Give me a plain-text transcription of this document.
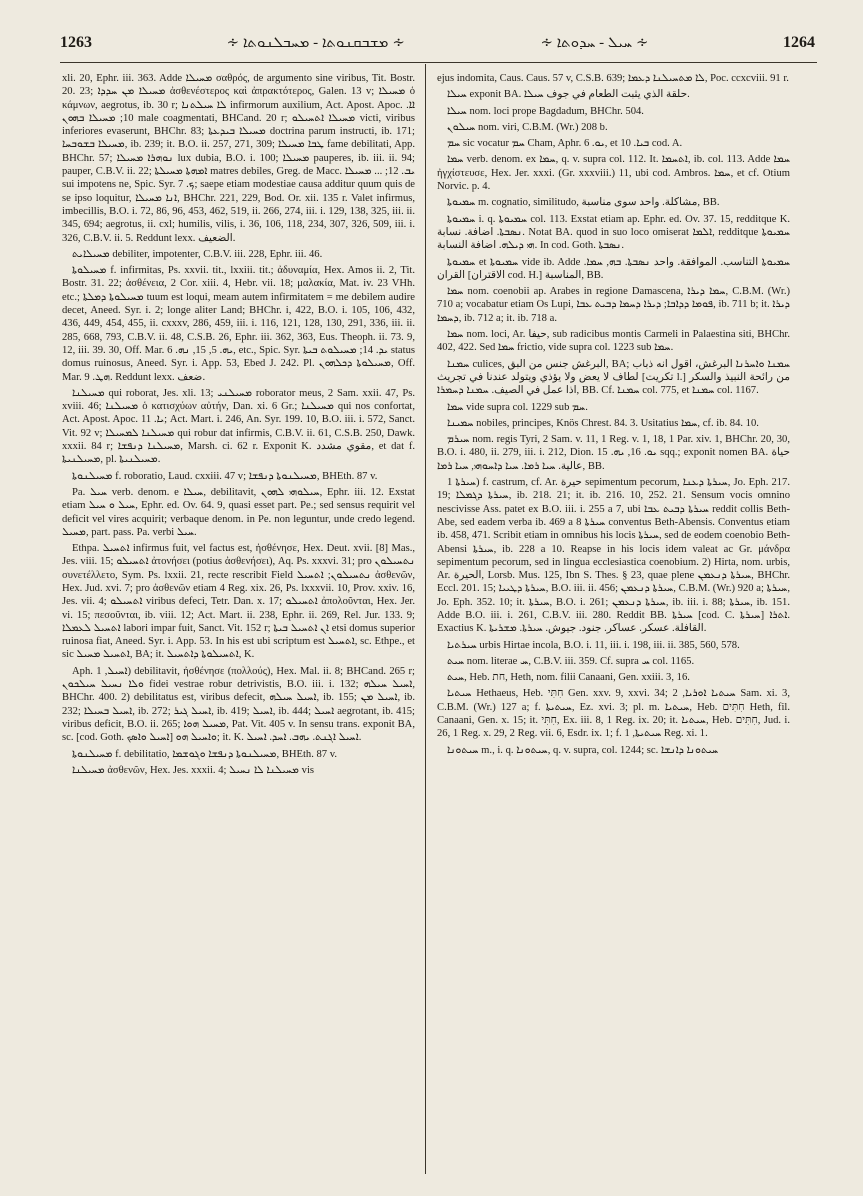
1263	∻ ܡܫܒܩܢܘܬܐ - ܡܚܒܠܢܘܬܐ ∻	∻ ܚܝܠ - ܚܕܘܬܐ ∻	1264

xli. 20, Ephr. iii. 363. Adde ܡܚܝܠܐ σαθρός, de argumento sine viribus, Tit. Bostr. 20. 23; ܡܚܝܠܐ ܡܢ ܚܕܕܐ ἀσθενέστερος καὶ ἀπρακτότερος, Galen. 13 v; ܡܚܝܠܐ ὁ κάμνων, aegrotus, ib. 30 r; ܠܐ ܚܝܠܬܢܐ infirmorum auxilium, Act. Apost. Apoc. ܐܐ. 10; ܡܚܝܠܐ ܒܗܘܢ male coagmentati, BHCand. 20 r; ܡܚܝܠܐ ܐܬܚܝܠܘ victi, viribus inferiores evaserunt, BHChr. 83; ܡܚܝܠܐ ܒܝܕܥܬܐ doctrina parum instructi, ib. 171; ܡܚܝܠܐ ܒܫܘܒܚܐ, ib. 239; it. B.O. ii. 257, 271, 309; ܛܒܐ ܡܚܝܠܐ fame debilitati, App. BHChr. 57; ܢܘܗܪܐ ܡܚܝܠܐ lux dubia, B.O. i. 100; ܡܚܝܠܐ pauperes, ib. iii. ii. 94; pauper, C.B.V. ii. 22; ܐܡܗܬܐ ܡܚܝܠܬܐ matres debiles, Greg. de Macc. ܝܒ. 12; ... ܡܚܝܠܐ sui impotens ne, Spic. Syr. ܟ. 7; saepe etiam modestiae causa additur quum quis de se ipso loquitur, ܐܢܐ ܡܚܝܠܐ, BHChr. 221, 229, Bod. Or. xii. 135 r. Valet infirmus, imbecillis, B.O. i. 72, 86, 96, 453, 462, 519, ii. 266, 274, iii. i. 129, 138, 325, iii. ii. 345, 694; aegrotus, ii. cxl; humilis, vilis, i. 36, 106, 118, 234, 307, 326, 509, iii. i. 326, C.B.V. ii. 5. Reddunt lexx. الضعيف.

ܡܚܝܠܐܝܬ debiliter, impotenter, C.B.V. iii. 228, Ephr. iii. 46.

ܡܚܝܠܘܬܐ f. infirmitas, Ps. xxvii. tit., lxxiii. tit.; ἀδυναμία, Hex. Amos ii. 2, Tit. Bostr. 31. 22; ἀσθένεια, 2 Cor. xiii. 4, Hebr. vii. 18; μαλακία, Mat. iv. 23 VHh. etc.; ܡܚܝܠܘܬܐ ܕܡܠܬܐ tuum est loqui, meam autem infirmitatem = me debilem audire decet, Aneed. Syr. i. 2; longe aliter Land; BHChr. i, 422, B.O. i. 105, 106, 432, 436, 449, 454, 455, ii. cxxxv, 286, 459, iii. i. 116, 121, 128, 130, 291, 336, iii. ii. 285, 668, 793, C.B.V. ii. 48, C.S.B. 26, Ephr. iii. 362, 363, Eus. Theoph. ii. 73. 9, 12, iii. 39. 30, Off. Mar. ܝܗ. 5, 15, ܢܗ. 6, etc., Spic. Syr. ܝܕ. 14; ܡܚܝܠܘܬ ܒܝܬܐ status domus ruinosus, Aneed. Syr. i. App. 53, Ebed J. 242. Pl. ܡܚܝܠܘܬܐ ܕܟܠܗܘܢ, Off. Mar. ܗܛ. 9. Reddunt lexx. ضعف.

ܡܚܝܠܢܐ qui roborat, Jes. xli. 13; ܡܚܝܠܢܝ roborator meus, 2 Sam. xxii. 47, Ps. xviii. 46; ܡܚܝܠܢܐ ὁ κατισχύων αὐτήν, Dan. xi. 6 Gr.; ܡܚܝܠܢܐ qui nos confortat, Act. Apost. Apoc. ܝܐ. 11; Act. Mart. i. 246, An. Syr. 199. 10, B.O. iii. i. 572, Sanct. Vit. 92 v; ܡܚܝܠܢܐ ܠܡܚܝܠܐ qui robur dat infirmis, C.B.V. ii. 61, C.S.B. 250, Dawk. xxxii. 84 r; ܡܚܝܠܢܐ ܕܢܦܫܐ, Marsh. ci. 62 r. Exponit K. مقوي مشدد, et dat f. ܡܚܝܠܢܝܬܐ, pl. ܡܚܝܠܢܝܬܐ.

ܡܚܝܠܢܘܬܐ f. roboratio, Laud. cxxiii. 47 v; ܡܚܝܠܢܘܬܐ ܕܢܦܫܐ, BHEth. 87 v.

Pa. ܚܝܠ verb. denom. e ܚܝܠܐ, debilitavit, ܚܝܠܘܗܝ ܠܗܘܢ, Ephr. iii. 12. Exstat etiam ܚܝܠ ܘ ܚܝܠ, Ephr. ed. Ov. 64. 9, quasi esset part. Pe.; sed sensus requirit vel deficit vel vires acquirit; verbaque denom. in Pe. non leguntur, unde credo legend. ܡܚܝܠ, part. pass. Pa. verbi ܚܝܠ.

Ethpa. ܐܬܚܝܠ infirmus fuit, vel factus est, ἠσθένησε, Hex. Deut. xvii. [8] Mas., Jes. viii. 15; ܐܬܚܝܠܘ ἀτονήσει (potius ἀσθενήσει), Aq. Ps. xxxvi. 31; pro ܢܬܚܝܠܘܢ συνετέλλετο, Sym. Ps. lxxii. 21, recte rescribit Field ܢܬܚܝܠܘܢ; ܐܬܚܝܠ ἀσθενῶν, Hex. Jud. xvi. 7; pro ἀσθενῶν etiam 4 Reg. xix. 26, Ps. lxxxvii. 10, Prov. xxiv. 16, Jes. vii. 4; ܐܬܚܝܠܘ viribus defeci, Tetr. Dan. x. 17; ܐܬܚܝܠܘ ἀπολοῦνται, Hex. Jer. vi. 15; πεσοῦνται, ib. viii. 12; Act. Mart. ii. 238, Ephr. ii. 269, Rel. Jur. 133. 9; ܐܬܚܝܠ ܠܥܡܠܐ labori impar fuit, Sanct. Vit. 152 r; ܐܢ ܐܬܚܝܠ ܒܝܬܐ etsi domus superior ruinosa fiat, Aneed. Syr. i. App. 53. In his est ubi scriptum est ܐܬܚܝܠ, sc. Ethpe., et sic ܐܬܚܝܠ ܡܚܝܠ, BA; it. ܐܬܚܝܠܘܬܐ ܕܐܬܚܝܠ, K.

Aph. ܐܚܝܠ, 1) debilitavit, ἠσθένησε (πολλούς), Hex. Mal. ii. 8; BHCand. 265 r; ܘܠܐ ܢܚܝܠ ܚܝܠܟܘܢ fidei vestrae robur detrivistis, B.O. iii. i. 132; ܐܚܝܠ ܚܝܠܗ, BHChr. 400. 2) debilitatus est, viribus defecit, ܐܚܝܠ ܚܝܠܗ, ib. 155; ܐܚܝܠ ܡܢ, ib. 232; ܐܚܝܠ ܒܚܝܠܐ, ib. 272; ܐܚܝܠ ܓܝܪ, ib. 419; ܐܚܝܠ, ib. 444; ܐܚܝܠ aegrotant, ib. 415; viribus deficit, B.O. ii. 265; ܡܚܝܠ ܗܘܐ, Pat. Vit. 405 v. In sensu trans. exponit BA, sc. [cod. Goth. ܐܚܝܠ ܘܐܣܟ] ܘܐܚܝܠ ܗܘ; it. K. ܐܚܝܠ ܐܓܢܬ. ܝܗܒ. ܐܚܕ. ܐܚܝܠ.

ܡܚܝܠܢܘܬܐ f. debilitatio, ܡܚܝܠܢܘܬܐ ܕܢܦܫܐ ܘܓܘܫܡܐ, BHEth. 87 v.

ܡܚܝܠܢܐ ἀσθενῶν, Hex. Jes. xxxii. 4; ܡܚܝܠܢܐ ܠܐ ܢܚܝܠ vis

ejus indomita, Caus. Caus. 57 v, C.S.B. 639; ܠܐ ܡܬܚܝܠܢܐ ܕܥܡܐ, Poc. ccxcviii. 91 r.

ܚܝܠܐ exponit BA. حلقة الذي يثبت الطعام في جوف ܚܝܠܐ.

ܚܝܠܐ nom. loci prope Bagdadum, BHChr. 504.

ܚܝܠܘܢ nom. viri, C.B.M. (Wr.) 208 b.

ܚܡ sic vocatur ܚܡ Cham, Aphr. ܝܘ. 6, et ܒܝܐ. 10 cod. A.

ܚܡܐ verb. denom. ex ܚܡܐ, q. v. supra col. 112. It. ܐܬܚܡܐ, ib. col. 113. Adde ܚܡܐ ἠγχίστευσε, Hex. Jer. xxxi. (Gr. xxxviii.) 11, ubi cod. Ambros. ܚܡܐ, et cf. Otium Norvic. p. 4.

ܚܡܝܘܬܐ m. cognatio, similitudo, مشاكلة. واحد سوى مناسبة, BB.

ܚܡܝܘܬܐ i. q. ܚܡܝܘܬܐ col. 113. Exstat etiam ap. Ephr. ed. Ov. 37. 15, redditque K. ܢܣܒܬܐ. اضافة. نسابة. Notat BA. quod in suo loco omiserat ܐܠܡܐ, redditque ܚܡܝܘܬܐ ܗܝ ܕܝܠܗ. اضافة النسابة. In cod. Goth. ܢܣܒܬܐ.

ܚܡܝܘܬܐ et ܚܡܝܘܬܐ vide ib. Adde ܚܡܝܘܬܐ التناسب. الموافقة. واحد ܢܣܒܬܐ. ܒܗ, ܚܡܐ. القران [الاقتران cod. H.] المناسبة, BB.

ܚܡܐ nom. coenobii ap. Arabes in regione Damascena, ܚܡܐ ܕܝܪܐ, C.B.M. (Wr.) 710 a; vocabatur etiam Os Lupi, ܦܘܡܐ ܕܕܐܒܐ; ܕܝܪܐ ܕܚܡܐ ܕܒܝܬ ܥܒܐ, ib. 711 b; it. ܕܝܪܐ ܕܚܡܐ, ib. 712 a; it. ib. 718 a.

ܚܡܐ nom. loci, Ar. حيفا, sub radicibus montis Carmeli in Palaestina siti, BHChr. 402, 422. Sed ܚܡܐ frictio, vide supra col. 1223 sub ܚܡܐ.

ܚܡܢܐ culices, البرغش جنس من البق, BA; ܚܡܢܐ ܘܐܚܪܢܐ البرغش، اقول انه ذباب لطاف لا يعض ولا يؤذي ويتولد عندنا في تجريث [تكريت l.] من رائحة النبيذ والسكر اذا عمل في الصيف. ܚܡܢܐ ܕܚܡܪܐ, BB. Cf. ܚܡܢܐ col. 775, et ܚܡܢܐ col. 1167.

ܚܡܐ vide supra col. 1229 sub ܚܡ.

ܚܡܝܢܐ nobiles, principes, Knös Chrest. 84. 3. Usitatius ܚܡܐ, cf. ib. 84. 10.

ܚܝܪܡ nom. regis Tyri, 2 Sam. v. 11, 1 Reg. v. 1, 18, 1 Par. xiv. 1, BHChr. 20, 30, B.O. i. 480, ii. 279, iii. i. 212, Dion. ܝܘ. 16, ܝܗ. 15 sqq.; exponit nomen BA. حياة عالية. ܚܝܐ ܪܡܐ. ܚܝܐ ܕܐܚܘܗܝ, ܚܝܐ ܪܡܐ, BB.

ܚܝܪܬܐ 1) f. castrum, cf. Ar. حيرة sepimentum pecorum, ܚܝܪܬܐ ܕܥܢܐ, Jo. Eph. 217. 19; ܚܝܪܬܐ ܕܓܡܠܐ, ib. 218. 21; it. ib. 216. 10, 252. 21. Sensum vocis omnino nescivisse Ass. patet ex B.O. iii. i. 255 a 7, ubi ܚܝܪܬܐ ܕܒܝܬ ܥܒܐ reddit collis Beth-Abe, sed eadem verba ib. 469 a 8 ܚܝܪܬܐ conventus Beth-Abensis. Conventus etiam ib. 458, 471. Scribit etiam in omnibus his locis ܚܝܪܬܐ, sed de eodem coenobio Beth-Abensi ܚܝܪܬܐ, ib. 228 a 10. Reapse in his locis idem valeat ac Gr. μάνδρα sepimentum pecorum, sed in lingua ecclesiastica coenobium. 2) Hirta, nom. urbis, Ar. الحيرة, Lorsb. Mus. 125, Ibn S. Thes. § 23, quae plene ܚܝܪܬܐ ܕܢܥܡܢ, BHChr. Eccl. 201. 15; ܚܝܪܬܐ ܕܛܝܝܐ, B.O. iii. ii. 456; ܚܝܪܬܐ ܕܢܥܡܢ, C.B.M. (Wr.) 920 a; ܚܝܪܬܐ, Jo. Eph. 352. 10; it. ܚܝܪܬܐ, B.O. i. 261; ܚܝܪܬܐ ܕܢܥܡܢ, ib. iii. i. 88; ܚܝܪܬܐ, ib. 151. Adde B.O. iii. i. 261, C.B.V. iii. 280. Reddit BB. ܚܝܪܬܐ [cod. C. ܚܝܪܬܐ] ܐܬܪܐ. Exactius K. القافلة. عسكر. عساكر. جنود. جيوش. ܚܝܪܬܐ. ܡܫܪܝܬܐ.

ܚܝܪܬܝܐ urbis Hirtae incola, B.O. i. 11, iii. i. 198, iii. ii. 385, 560, 578.

ܚܝܬ nom. literae ܚ, C.B.V. iii. 359. Cf. supra ܚ col. 1165.

ܚܝܬ, Heb. חת, Heth, nom. filii Canaani, Gen. xxiii. 3, 16.

ܚܝܬܝܐ Hethaeus, Heb. חִתִּי Gen. xxv. 9, xxvi. 34; ܚܝܬܝܐ ܐܘܪܝܐ, 2 Sam. xi. 3, C.B.M. (Wr.) 127 a; f. ܚܝܬܝܬܐ, Ez. xvi. 3; pl. m. ܚܝܬܝܐ, Heb. חִתִּים Heth, fil. Canaani, Gen. x. 15; it. חִתִּי, Ex. iii. 8, 1 Reg. ix. 20; it. ܚܝܬܝܐ, Heb. חִתִּים, Jud. i. 26, 1 Reg. x. 29, 2 Reg. vii. 6, Esdr. ix. 1; f. ܚܝܬܝܬܐ, 1 Reg. xi. 1.

ܚܝܬܘܢܐ m., i. q. ܚܝܬܘܢܐ, q. v. supra, col. 1244; sc. ܚܝܬܘܢܐ ܕܐܢܫܐ
